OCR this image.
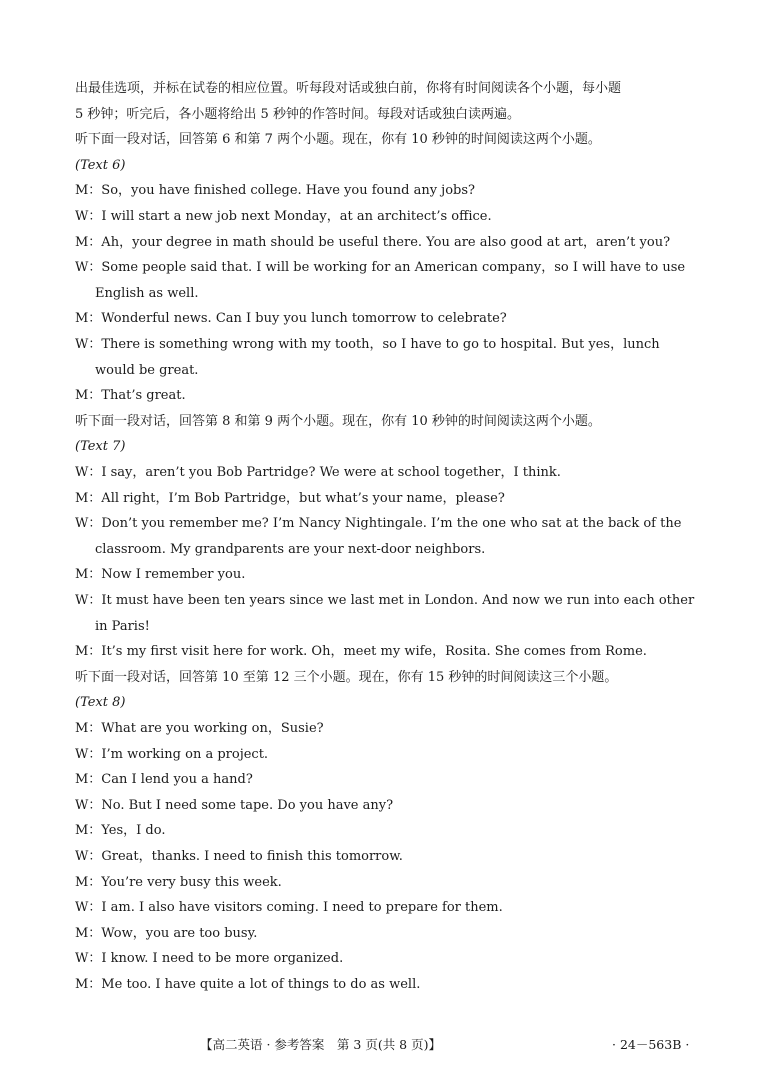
出最佳选项，并标在试卷的相应位置。听每段对话或独白前，你将有时间阅读各个小题，每小题
5 秒钟；听完后，各小题将给出 5 秒钟的作答时间。每段对话或独白读两遍。
听下面一段对话，回答第 6 和第 7 两个小题。现在，你有 10 秒钟的时间阅读这两个小题。
(Text 6)
M：So，you have finished college. Have you found any jobs?
W：I will start a new job next Monday，at an architect’s office.
M：Ah，your degree in math should be useful there. You are also good at art，aren’t you?
W：Some people said that. I will be working for an American company，so I will have to use
English as well.
M：Wonderful news. Can I buy you lunch tomorrow to celebrate?
W：There is something wrong with my tooth，so I have to go to hospital. But yes，lunch
would be great.
M：That’s great.
听下面一段对话，回答第 8 和第 9 两个小题。现在，你有 10 秒钟的时间阅读这两个小题。
(Text 7)
W：I say，aren’t you Bob Partridge? We were at school together，I think.
M：All right，I’m Bob Partridge，but what’s your name，please?
W：Don’t you remember me? I’m Nancy Nightingale. I’m the one who sat at the back of the
classroom. My grandparents are your next-door neighbors.
M：Now I remember you.
W：It must have been ten years since we last met in London. And now we run into each other
in Paris!
M：It’s my first visit here for work. Oh，meet my wife，Rosita. She comes from Rome.
听下面一段对话，回答第 10 至第 12 三个小题。现在，你有 15 秒钟的时间阅读这三个小题。
(Text 8)
M：What are you working on，Susie?
W：I’m working on a project.
M：Can I lend you a hand?
W：No. But I need some tape. Do you have any?
M：Yes，I do.
W：Great，thanks. I need to finish this tomorrow.
M：You’re very busy this week.
W：I am. I also have visitors coming. I need to prepare for them.
M：Wow，you are too busy.
W：I know. I need to be more organized.
M：Me too. I have quite a lot of things to do as well.
【高二英语 · 参考答案　第 3 页(共 8 页)】	· 24－563B ·
